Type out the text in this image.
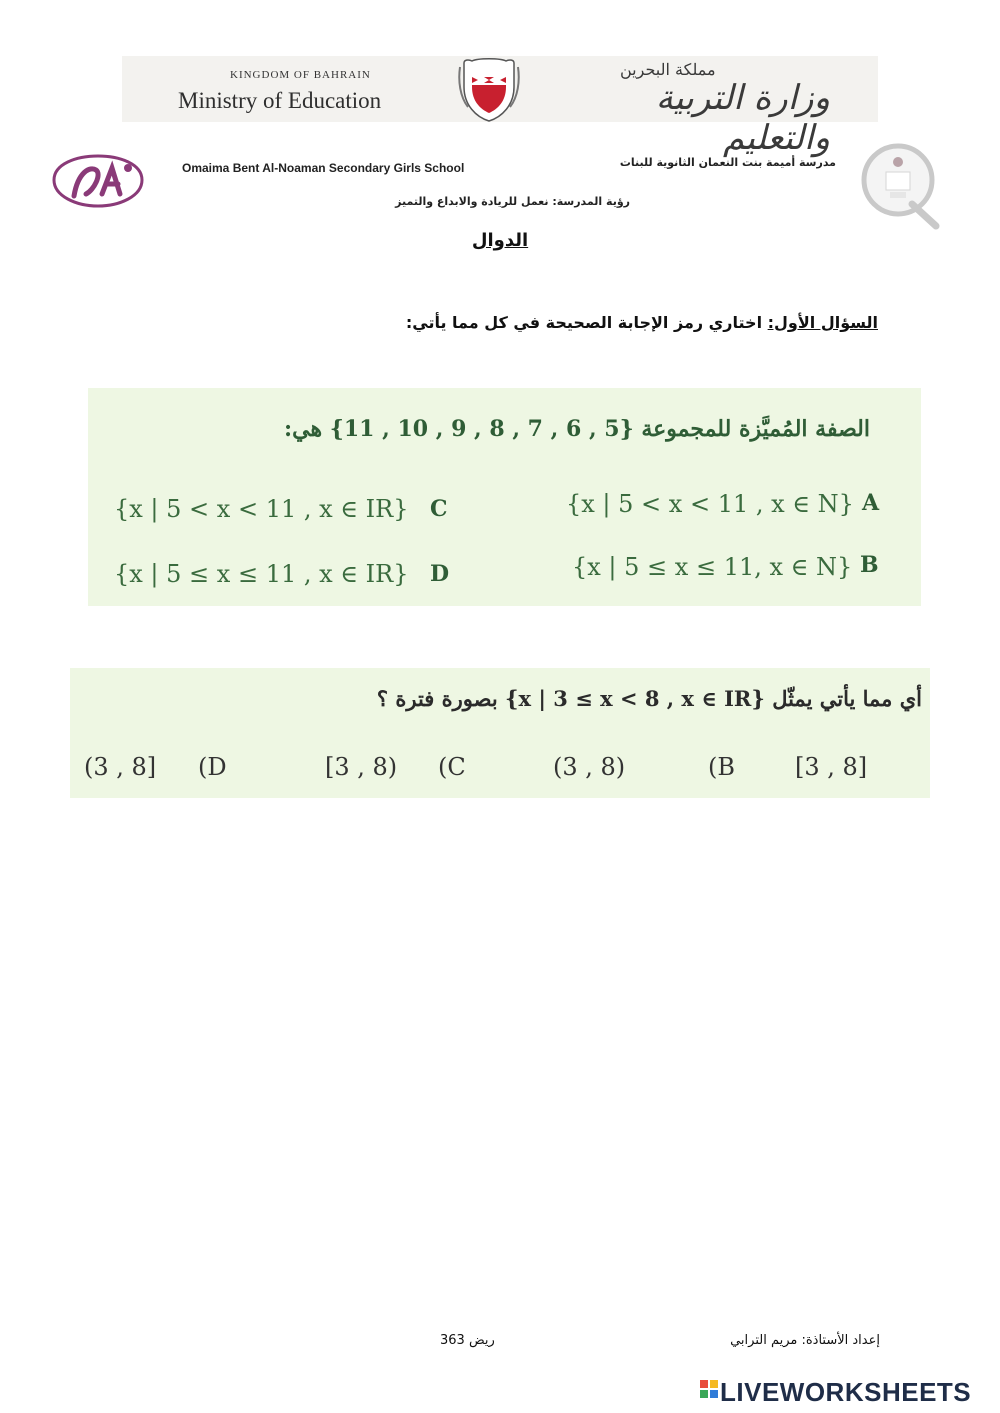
KINGDOM OF BAHRAIN
Ministry of Education
مملكة البحرين
وزارة التربية والتعليم
Omaima Bent Al-Noaman Secondary Girls School	مدرسة أميمة بنت النعمان الثانوية للبنات
رؤية المدرسة: نعمل للريادة والابداع والتميز
الدوال
السؤال الأول: اختاري رمز الإجابة الصحيحة في كل مما يأتي:
الصفة المُميَّزة للمجموعة {5 , 6 , 7 , 8 , 9 , 10 , 11} هي:
{x | 5 < x < 11 , x ∈ N} A
{x | 5 ≤ x ≤ 11, x ∈ N} B
{x | 5 < x < 11 , x ∈ IR} C
{x | 5 ≤ x ≤ 11 , x ∈ IR} D
أي مما يأتي يمثّل {x | 3 ≤ x < 8 , x ∈ IR} بصورة فترة ؟
[3 , 8]
(B
(3 , 8)
(C
[3 , 8)
(D
(3 , 8]
إعداد الأستاذة: مريم الترابي
ريض 363
LIVEWORKSHEETS
